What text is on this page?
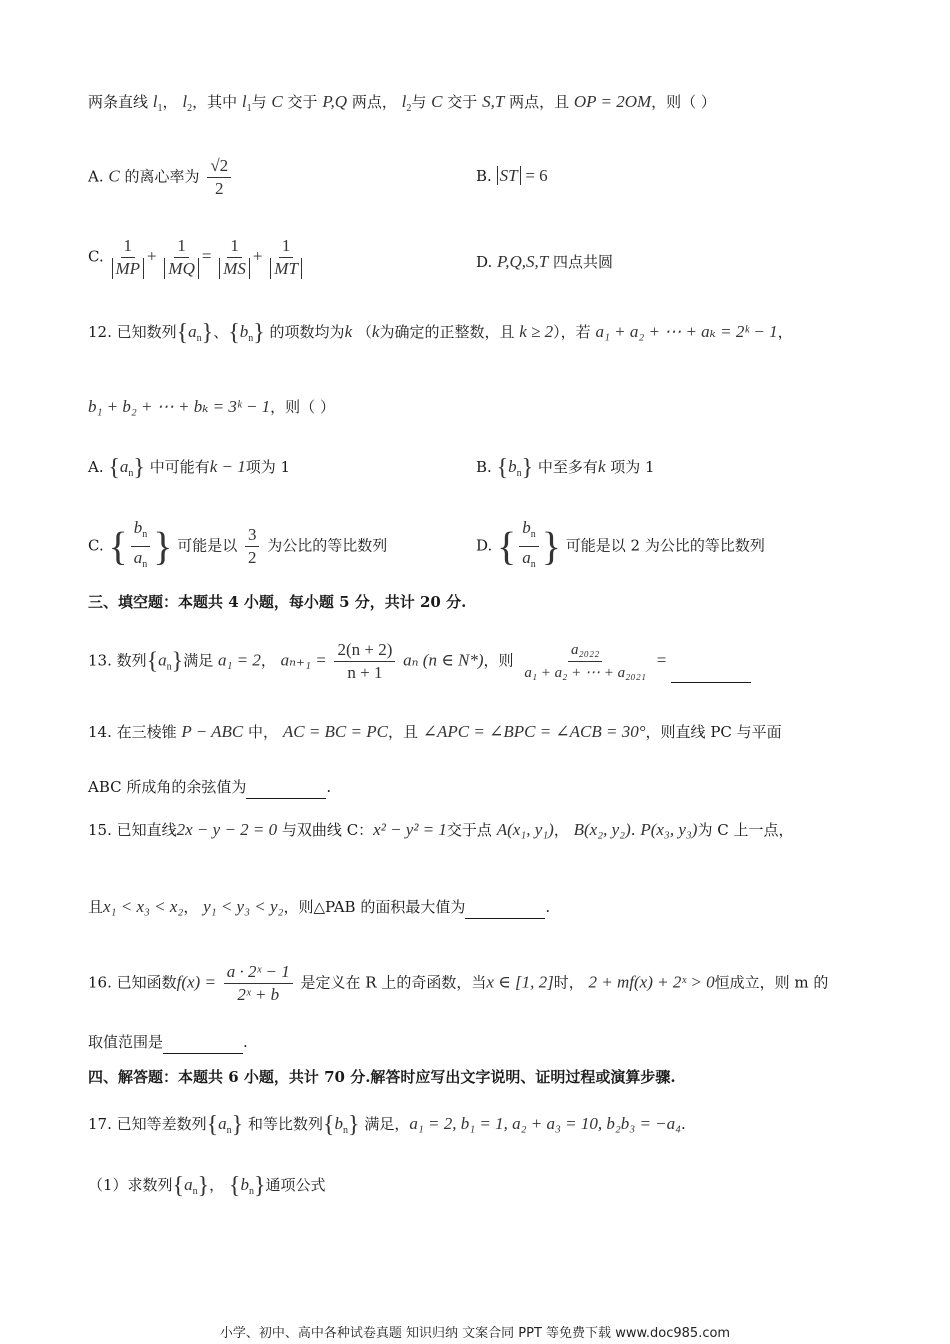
两条直线 $l_1$， $l_2$，其中 $l_1$与 C 交于 P,Q 两点， $l_2$与 C 交于 S,T 两点，且 OP = 2OM，则（ ）
A. C 的离心率为 $\frac{√2}{2}$	B. ST = 6
C. $\frac{1}{MP} + \frac{1}{MQ} = \frac{1}{MS} + \frac{1}{MT}$	D. P,Q,S,T 四点共圆
12. 已知数列$\{a_n\}$、$\{b_n\}$ 的项数均为k （k为确定的正整数，且 k ≥ 2），若 a₁ + a₂ + ⋯ + aₖ = 2ᵏ − 1，
b₁ + b₂ + ⋯ + bₖ = 3ᵏ − 1，则（ ）
A. $\{a_n\}$ 中可能有k − 1项为 1	B. $\{b_n\}$ 中至多有k 项为 1
C. { $\frac{b_n}{a_n}$ } 可能是以 $\frac{3}{2}$ 为公比的等比数列	D. { $\frac{b_n}{a_n}$ } 可能是以 2 为公比的等比数列
三、填空题：本题共 4 小题，每小题 5 分，共计 20 分.
13. 数列$\{a_n\}$满足 a₁ = 2， $a_{n+1} = \frac{2(n + 2)}{n + 1}$ aₙ (n ∈ N*)，则 $\frac{\text{a₂₀₂₂}}{\text{a₁ + a₂ + ⋯ + a₂₀₂₁}}$ =
14. 在三棱锥 P − ABC 中， AC = BC = PC，且 ∠APC = ∠BPC = ∠ACB = 30°，则直线 PC 与平面
ABC 所成角的余弦值为	.
15. 已知直线2x − y − 2 = 0 与双曲线 C：x² − y² = 1交于点 A(x₁, y₁)， B(x₂, y₂). P(x₃, y₃)为 C 上一点，
且x₁ < x₃ < x₂， y₁ < y₃ < y₂，则△PAB 的面积最大值为	.
16. 已知函数$f(x) = \frac{\text{a · 2ˣ − 1}}{\text{2ˣ + b}}$ 是定义在 R 上的奇函数，当x ∈ [1, 2]时， 2 + mf(x) + 2ˣ > 0恒成立，则 m 的
取值范围是	.
四、解答题：本题共 6 小题，共计 70 分.解答时应写出文字说明、证明过程或演算步骤.
17. 已知等差数列$\{a_n\}$ 和等比数列$\{b_n\}$ 满足，a₁ = 2, b₁ = 1, a₂ + a₃ = 10, b₂b₃ = −a₄.
（1）求数列$\{a_n\}$， $\{b_n\}$通项公式
小学、初中、高中各种试卷真题 知识归纳 文案合同 PPT 等免费下载 www.doc985.com
